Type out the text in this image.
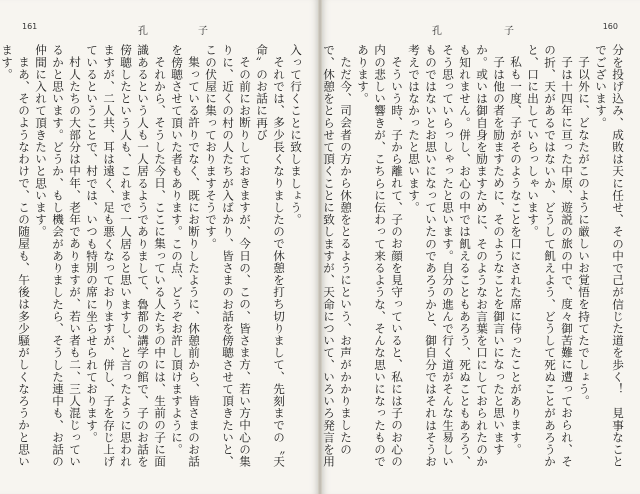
161	孔	子

入って行くことに致しましょう。

それでは、多少長くなりましたので休憩を打ち切りまして、先刻までの〝天命〟のお話に再び

その前にお断りしておきますが、今日の、この、皆さま方、若い方中心の集りに、近くの村の人たちが入ばかり、皆さまのお話を傍聴させて頂きたいと、この伏屋に集っておりますそうです。

集っている許りでなく、既にお断りしたように、休憩前から、皆さまのお話を傍聴させて頂いた者もあります。この点、どうぞお許し頂けますように。

それから、そうした今日、ここに集っている人たちの中には、生前の子に面識あるという人も一人居るようでありまして、魯都の講学の館で、子のお話を傍聴したという人も、これまで一人居ると思いますし、と言ったように思われますが、二人共、耳は遠く、足も悪くなっておりますが、併し、子を存じ上げているということで、村では、いつも特別の席に坐らせられております。

村人たちの大部分は中年、老年でありますが、若い者も二、三人混じっているかと思います。どうか、もし機会がありましたら、そうした連中も、お話の仲間に入れて頂きたいと思います。

まあ、そのようなわけで、この随屋も、午後は多少騒がしくなろうかと思います。

孔	子	160

分を投げ込み、成敗は天に任せ、その中で己が信じた道を歩く！　見事なことでございます。

子以外に、どなたがこのように厳しいお覚悟を持てたでしょう。

子は十四年に亘った中原、遊説の旅の中で、度々御苦難に遭っておられ、その折、天があるではないか、どうして飢えよう、どうして死ぬことがあろうかと、口に出していらっしゃいます。

私も一度、子がそのようなことを口にされた席に侍ったことがあります。

子は他の者を励ますために、そのようなことを御言いになったと思いますか。或いは御自身を励ますために、そのようなお言葉を口にしておられたのかも知れません。併し、お心の中では飢えることもあろう、死ぬこともあろう、そう思っていらっしゃったと思います。自分の進んで行く道がそんな生易しいものではないとお思いになっていたのであろうかと、御自分ではそれはそうお考えではなかったと思います。

そういう時、子から離れて、子のお顔を見守っていると、私には子のお心の内の悲しい響きが、こちらに伝わって来るような、そんな思いになったものであります。

ただ今、司会者の方から休憩をとるようにという、お声がかかりましたので、休憩をとらせて頂くことに致しますが、天命について、いろいろ発言を用
